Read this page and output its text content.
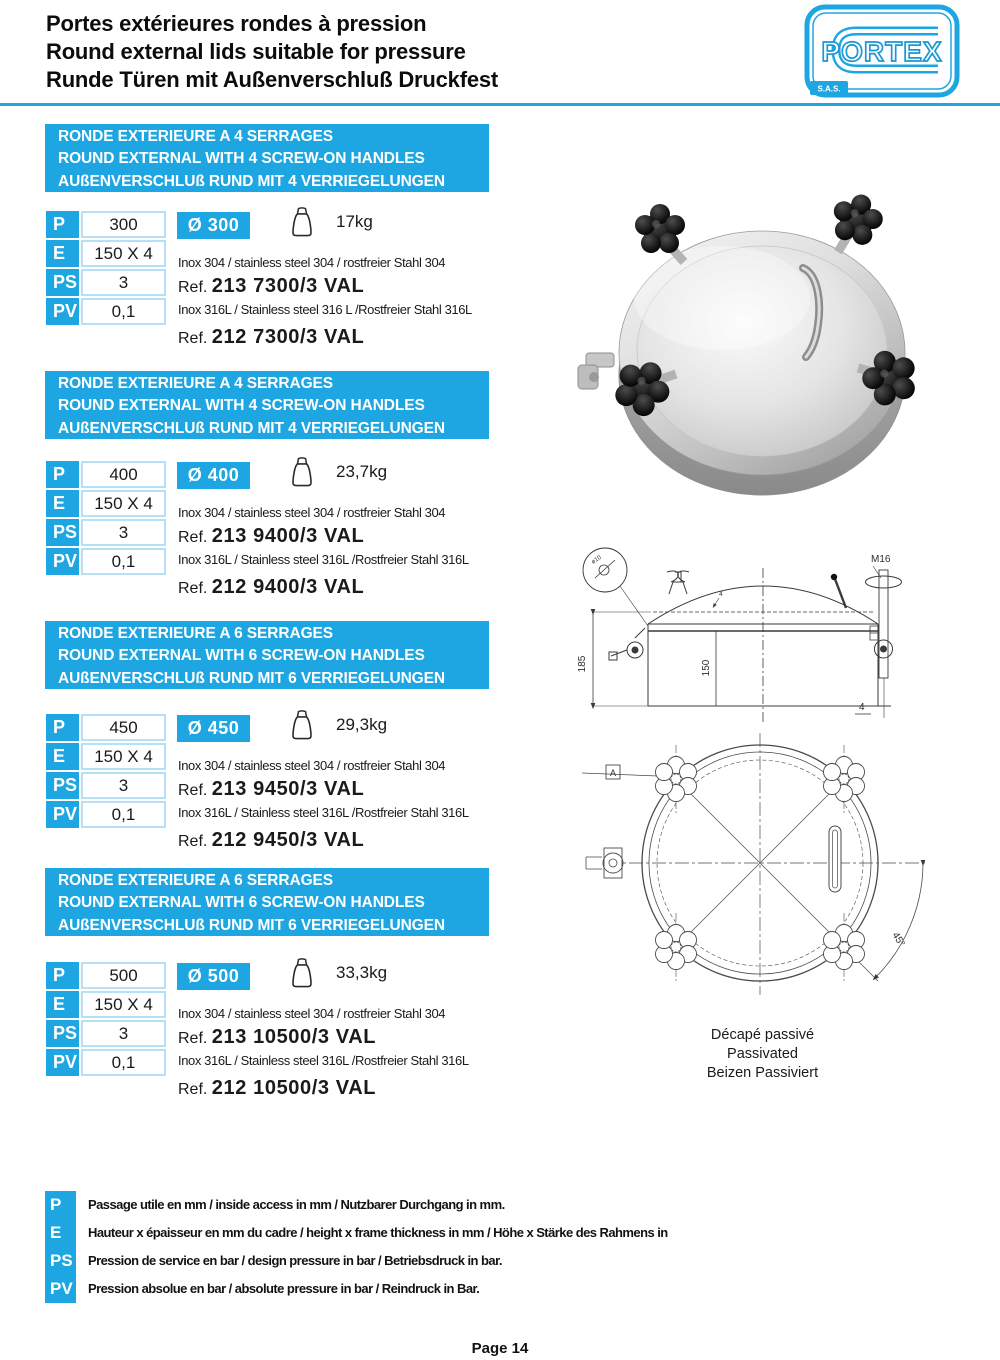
Portes extérieures rondes à pression
Round external lids suitable for pressure
Runde Türen mit Außenverschluß Druckfest
PORTEX
S.A.S.
RONDE EXTERIEURE A 4 SERRAGES
ROUND EXTERNAL WITH 4 SCREW-ON HANDLES
AUßENVERSCHLUß RUND MIT 4 VERRIEGELUNGEN
P	300
E	150 X 4
PS	3
PV	0,1
Ø 300	17kg
Inox 304 / stainless steel 304 / rostfreier Stahl 304
Ref. 213 7300/3 VAL
Inox 316L / Stainless steel 316 L /Rostfreier Stahl 316L
Ref. 212 7300/3 VAL
RONDE EXTERIEURE A 4 SERRAGES
ROUND EXTERNAL WITH 4 SCREW-ON HANDLES
AUßENVERSCHLUß RUND MIT 4 VERRIEGELUNGEN
P	400
E	150 X 4
PS	3
PV	0,1
Ø 400	23,7kg
Inox 304 / stainless steel 304 / rostfreier Stahl 304
Ref. 213 9400/3 VAL
Inox 316L / Stainless steel 316L /Rostfreier Stahl 316L
Ref. 212 9400/3 VAL
RONDE EXTERIEURE A 6 SERRAGES
ROUND EXTERNAL WITH 6 SCREW-ON HANDLES
AUßENVERSCHLUß RUND MIT 6 VERRIEGELUNGEN
P	450
E	150 X 4
PS	3
PV	0,1
Ø 450	29,3kg
Inox 304 / stainless steel 304 / rostfreier Stahl 304
Ref. 213 9450/3 VAL
Inox 316L / Stainless steel 316L /Rostfreier Stahl 316L
Ref. 212 9450/3 VAL
RONDE EXTERIEURE A 6 SERRAGES
ROUND EXTERNAL WITH 6 SCREW-ON HANDLES
AUßENVERSCHLUß RUND MIT 6 VERRIEGELUNGEN
P	500
E	150 X 4
PS	3
PV	0,1
Ø 500	33,3kg
Inox 304 / stainless steel 304 / rostfreier Stahl 304
Ref. 213 10500/3 VAL
Inox 316L / Stainless steel 316L /Rostfreier Stahl 316L
Ref. 212 10500/3 VAL
185	150
M16
4
4
ø10
A
45°
Décapé passivé
Passivated
Beizen Passiviert
P	Passage utile en mm / inside access in mm / Nutzbarer Durchgang in mm.
E	Hauteur x épaisseur en mm du cadre / height x frame thickness in mm / Höhe x Stärke des Rahmens in
PS Pression de service en bar / design pressure in bar / Betriebsdruck in bar.
PV Pression absolue en bar / absolute pressure in bar / Reindruck in Bar.
Page 14
